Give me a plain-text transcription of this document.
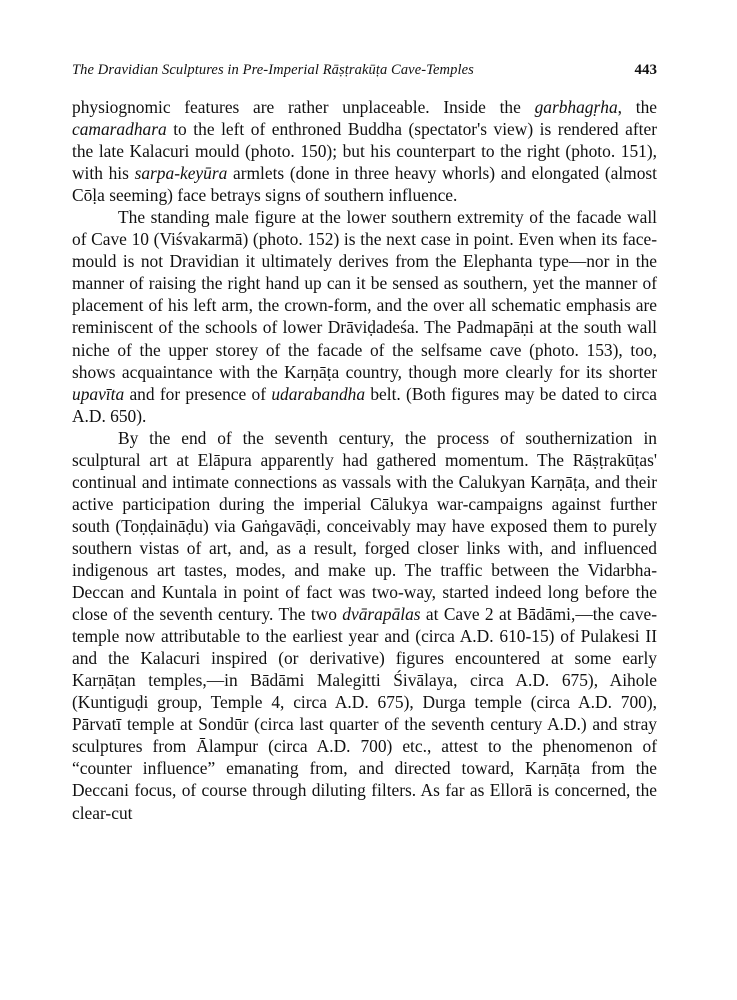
The Dravidian Sculptures in Pre-Imperial Rāṣṭrakūṭa Cave-Temples	443

physiognomic features are rather unplaceable. Inside the garbhagṛha, the camaradhara to the left of enthroned Buddha (spectator's view) is rendered after the late Kalacuri mould (photo. 150); but his counterpart to the right (photo. 151), with his sarpa-keyūra armlets (done in three heavy whorls) and elongated (almost Cōḷa seeming) face betrays signs of southern influence.

The standing male figure at the lower southern extremity of the facade wall of Cave 10 (Viśvakarmā) (photo. 152) is the next case in point. Even when its face-mould is not Dravidian it ultimately derives from the Elephanta type—nor in the manner of raising the right hand up can it be sensed as southern, yet the manner of placement of his left arm, the crown-form, and the over all schematic emphasis are reminiscent of the schools of lower Drāviḍadeśa. The Padmapāṇi at the south wall niche of the upper storey of the facade of the selfsame cave (photo. 153), too, shows acquaintance with the Karṇāṭa country, though more clearly for its shorter upavīta and for presence of udarabandha belt. (Both figures may be dated to circa A.D. 650).

By the end of the seventh century, the process of southernization in sculptural art at Elāpura apparently had gathered momentum. The Rāṣṭrakūṭas' continual and intimate connections as vassals with the Calukyan Karṇāṭa, and their active participation during the imperial Cālukya war-campaigns against further south (Toṇḍaināḍu) via Gaṅgavāḍi, conceivably may have exposed them to purely southern vistas of art, and, as a result, forged closer links with, and influenced indigenous art tastes, modes, and make up. The traffic between the Vidarbha-Deccan and Kuntala in point of fact was two-way, started indeed long before the close of the seventh century. The two dvārapālas at Cave 2 at Bādāmi,—the cave-temple now attributable to the earliest year and (circa A.D. 610-15) of Pulakesi II and the Kalacuri inspired (or derivative) figures encountered at some early Karṇāṭan temples,—in Bādāmi Malegitti Śivālaya, circa A.D. 675), Aihole (Kuntiguḍi group, Temple 4, circa A.D. 675), Durga temple (circa A.D. 700), Pārvatī temple at Sondūr (circa last quarter of the seventh century A.D.) and stray sculptures from Ālampur (circa A.D. 700) etc., attest to the phenomenon of “counter influence” emanating from, and directed toward, Karṇāṭa from the Deccani focus, of course through diluting filters. As far as Ellorā is concerned, the clear-cut
